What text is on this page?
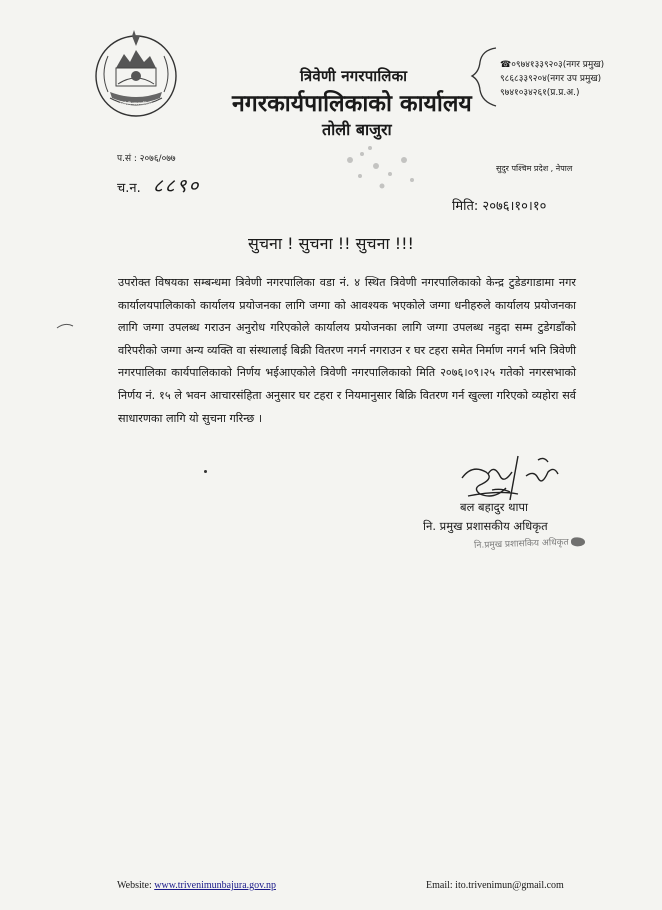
त्रिवेणी नगरपालिका
त्रिवेणी नगरपालिका
नगरकार्यपालिकाको कार्यालय
तोली बाजुरा
☎०९७४१३३९२०३(नगर प्रमुख)
९८६८३३९२०४(नगर उप प्रमुख)
९७४१०३४२६१(प्र.प्र.अ.)
प.सं : २०७६/०७७
च.न. ८८९०
सुदुर पश्चिम प्रदेश , नेपाल
मिति: २०७६।१०।१०
सुचना ! सुचना !! सुचना !!!

उपरोक्त विषयका सम्बन्धमा त्रिवेणी नगरपालिका वडा नं. ४ स्थित त्रिवेणी नगरपालिकाको केन्द्र टुडेडगाडामा नगर कार्यालयपालिकाको कार्यालय प्रयोजनका लागि जग्गा को आवश्यक भएकोले जग्गा धनीहरुले कार्यालय प्रयोजनका लागि जग्गा उपलब्ध गराउन अनुरोध गरिएकोले कार्यालय प्रयोजनका लागि जग्गा उपलब्ध नहुदा सम्म टुडेगडाँको वरिपरीको जग्गा अन्य व्यक्ति वा संस्थालाई बिक्री वितरण नगर्न नगराउन र घर टहरा समेत निर्माण नगर्न भनि त्रिवेणी नगरपालिका कार्यपालिकाको निर्णय भईआएकोले त्रिवेणी नगरपालिकाको मिति २०७६।०९।२५ गतेको नगरसभाको निर्णय नं. १५ ले भवन आचारसंहिता अनुसार घर टहरा र नियमानुसार बिक्रि वितरण गर्न खुल्ला गरिएको व्यहोरा सर्व साधारणका लागि यो सुचना गरिन्छ ।

बल बहादुर थापा
नि. प्रमुख प्रशासकीय अधिकृत
नि.प्रमुख प्रशासकिय अधिकृत
Website: www.trivenimunbajura.gov.np	Email: ito.trivenimun@gmail.com
